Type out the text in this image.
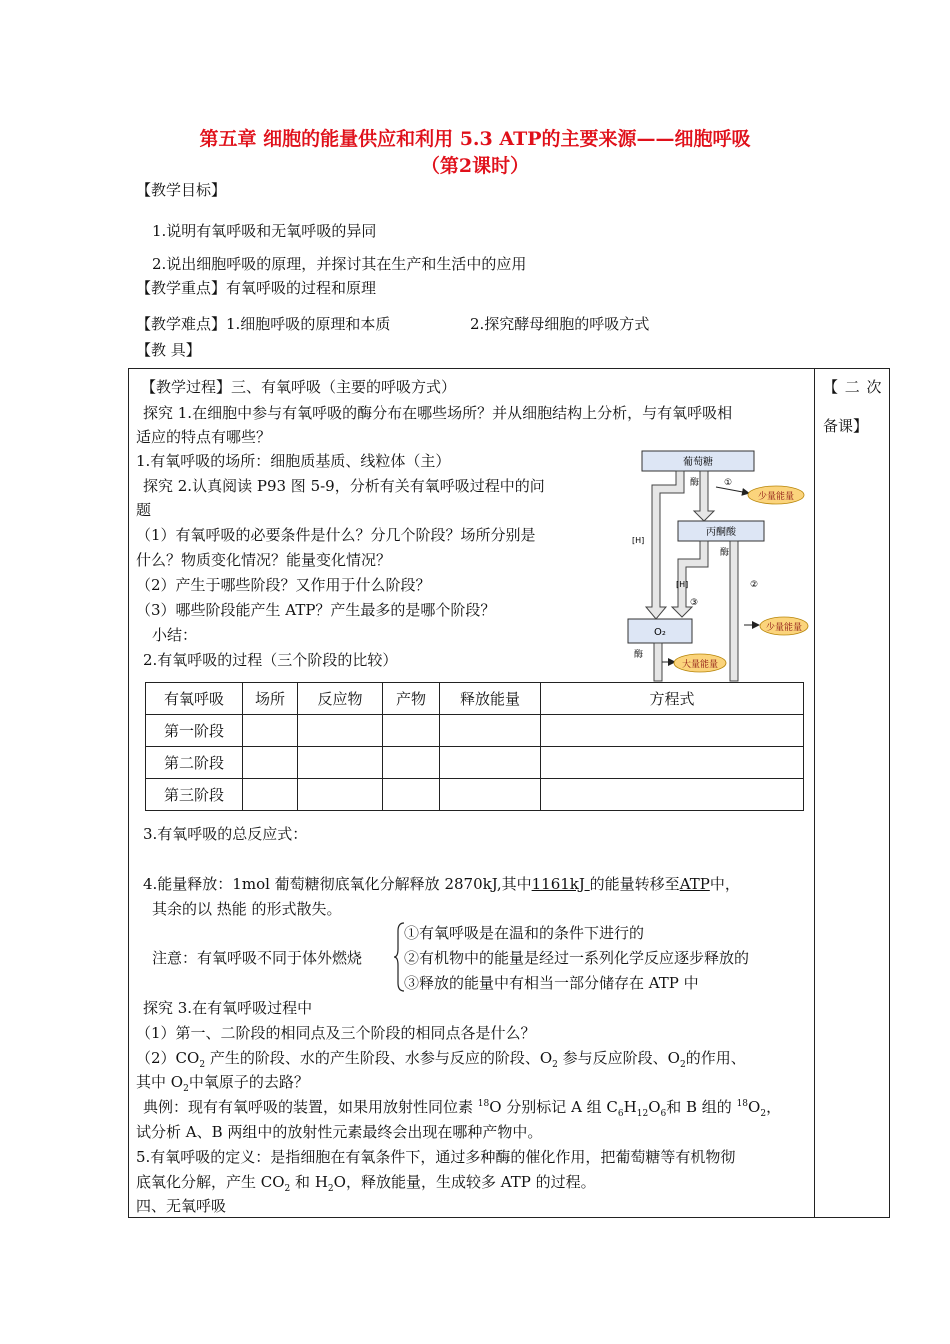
第五章 细胞的能量供应和利用 5.3 ATP的主要来源——细胞呼吸
（第2课时）
【教学目标】
1.说明有氧呼吸和无氧呼吸的异同
2.说出细胞呼吸的原理，并探讨其在生产和生活中的应用
【教学重点】有氧呼吸的过程和原理
【教学难点】1.细胞呼吸的原理和本质	2.探究酵母细胞的呼吸方式
【教 具】
【 二 次
备课】
【教学过程】三、有氧呼吸（主要的呼吸方式）
探究 1.在细胞中参与有氧呼吸的酶分布在哪些场所？并从细胞结构上分析，与有氧呼吸相
适应的特点有哪些？
1.有氧呼吸的场所：细胞质基质、线粒体（主）
探究 2.认真阅读 P93 图 5-9，分析有关有氧呼吸过程中的问
题
（1）有氧呼吸的必要条件是什么？分几个阶段？场所分别是
什么？物质变化情况？能量变化情况？
（2）产生于哪些阶段？又作用于什么阶段？
（3）哪些阶段能产生 ATP？产生最多的是哪个阶段？
小结：
2.有氧呼吸的过程（三个阶段的比较）
葡萄糖
丙酮酸
O₂
少量能量
少量能量
大量能量
酶	①
酶
②
③
[H]
[H]
酶
有氧呼吸	场所	反应物	产物	释放能量	方程式
第一阶段					
第二阶段					
第三阶段					
3.有氧呼吸的总反应式：
4.能量释放：1mol 葡萄糖彻底氧化分解释放 2870kJ,其中1161kJ 的能量转移至ATP中，
其余的以 热能 的形式散失。
注意：有氧呼吸不同于体外燃烧
①有氧呼吸是在温和的条件下进行的
②有机物中的能量是经过一系列化学反应逐步释放的
③释放的能量中有相当一部分储存在 ATP 中
探究 3.在有氧呼吸过程中
（1）第一、二阶段的相同点及三个阶段的相同点各是什么？
$(2)CO_2$ 产生的阶段、水的产生阶段、水参与反应的阶段、$O_2$ 参与反应阶段、$O_2$的作用、
其中 $O_2$中氧原子的去路？
典例：现有有氧呼吸的装置，如果用放射性同位素 $^{18}$O 分别标记 A 组 $C_6H_{12}O_6$和 B 组的 $^{18}O_2$，
试分析 A、B 两组中的放射性元素最终会出现在哪种产物中。
5.有氧呼吸的定义：是指细胞在有氧条件下，通过多种酶的催化作用，把葡萄糖等有机物彻
底氧化分解，产生 $CO_2$ 和 $H_2O$，释放能量，生成较多 ATP 的过程。
四、无氧呼吸
